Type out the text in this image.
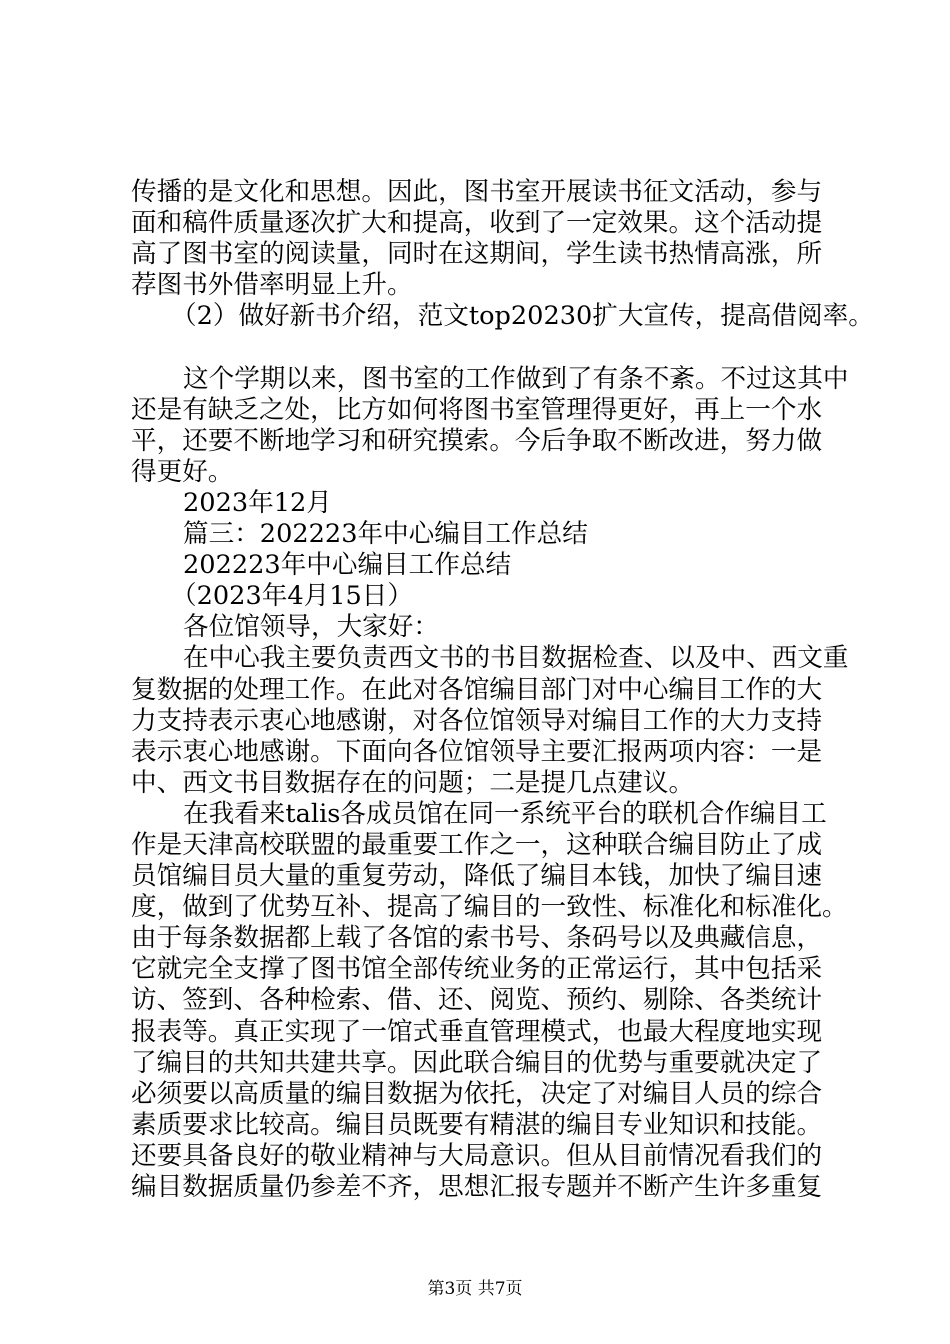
传播的是文化和思想。因此，图书室开展读书征文活动，参与

面和稿件质量逐次扩大和提高，收到了一定效果。这个活动提

高了图书室的阅读量，同时在这期间，学生读书热情高涨，所

荐图书外借率明显上升。

（2）做好新书介绍，范文top20230扩大宣传，提高借阅率。

这个学期以来，图书室的工作做到了有条不紊。不过这其中

还是有缺乏之处，比方如何将图书室管理得更好，再上一个水

平，还要不断地学习和研究摸索。今后争取不断改进，努力做

得更好。

2023年12月

篇三：202223年中心编目工作总结

202223年中心编目工作总结

（2023年4月15日）

各位馆领导，大家好：

在中心我主要负责西文书的书目数据检查、以及中、西文重

复数据的处理工作。在此对各馆编目部门对中心编目工作的大

力支持表示衷心地感谢，对各位馆领导对编目工作的大力支持

表示衷心地感谢。下面向各位馆领导主要汇报两项内容：一是

中、西文书目数据存在的问题；二是提几点建议。

在我看来talis各成员馆在同一系统平台的联机合作编目工

作是天津高校联盟的最重要工作之一，这种联合编目防止了成

员馆编目员大量的重复劳动，降低了编目本钱，加快了编目速

度，做到了优势互补、提高了编目的一致性、标准化和标准化。

由于每条数据都上载了各馆的索书号、条码号以及典藏信息，

它就完全支撑了图书馆全部传统业务的正常运行，其中包括采

访、签到、各种检索、借、还、阅览、预约、剔除、各类统计

报表等。真正实现了一馆式垂直管理模式，也最大程度地实现

了编目的共知共建共享。因此联合编目的优势与重要就决定了

必须要以高质量的编目数据为依托，决定了对编目人员的综合

素质要求比较高。编目员既要有精湛的编目专业知识和技能。

还要具备良好的敬业精神与大局意识。但从目前情况看我们的

编目数据质量仍参差不齐，思想汇报专题并不断产生许多重复

第3页 共7页
